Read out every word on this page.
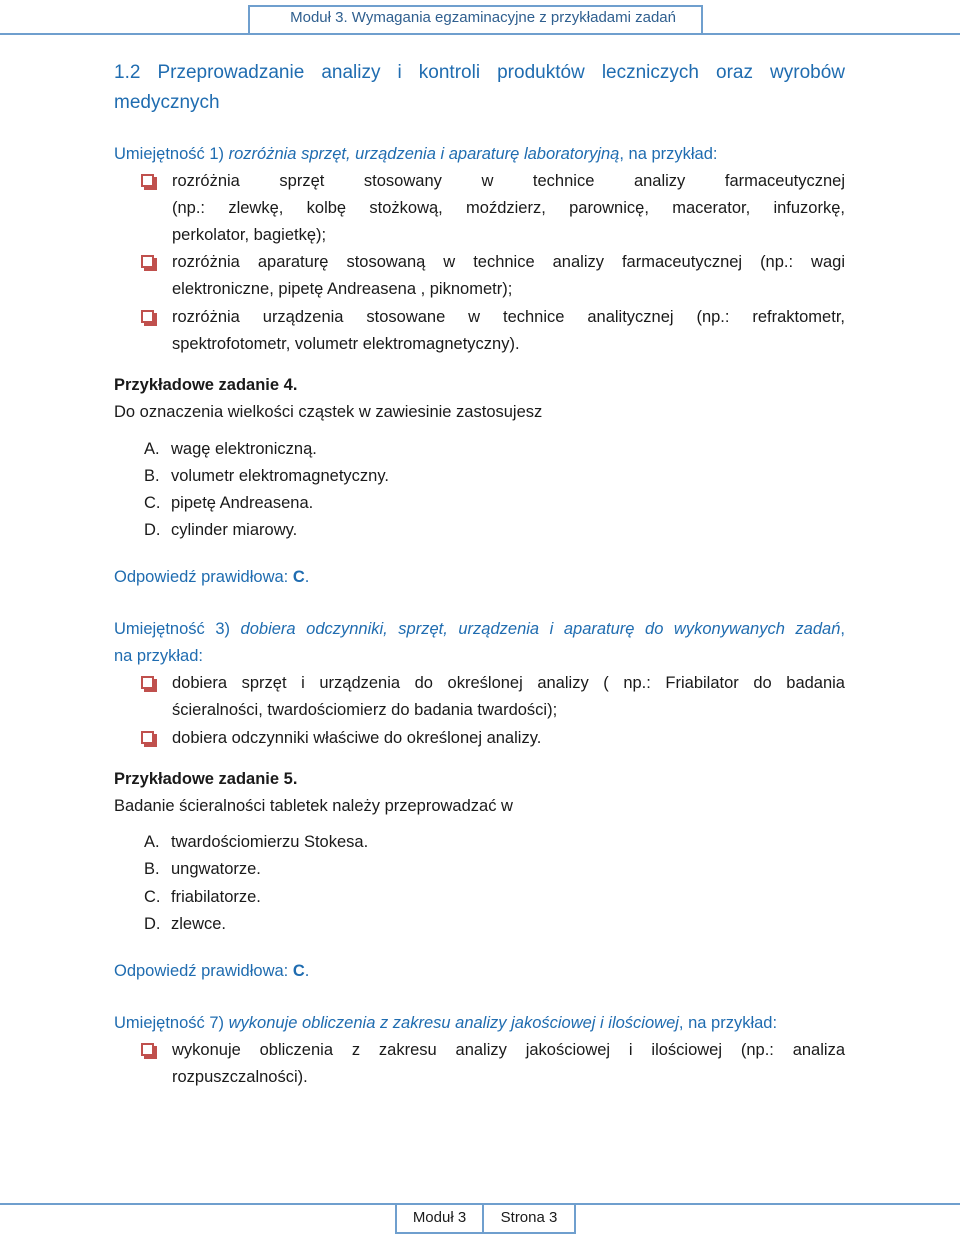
Moduł 3. Wymagania egzaminacyjne z przykładami zadań
1.2 Przeprowadzanie analizy i kontroli produktów leczniczych oraz wyrobów
medycznych
Umiejętność 1) rozróżnia sprzęt, urządzenia i aparaturę laboratoryjną, na przykład:
rozróżnia sprzęt stosowany w technice analizy farmaceutycznej
(np.: zlewkę, kolbę stożkową, moździerz, parownicę, macerator, infuzorkę,
perkolator, bagietkę);
rozróżnia aparaturę stosowaną w technice analizy farmaceutycznej (np.: wagi
elektroniczne, pipetę Andreasena , piknometr);
rozróżnia urządzenia stosowane w technice analitycznej (np.: refraktometr,
spektrofotometr, volumetr elektromagnetyczny).
Przykładowe zadanie 4.
Do oznaczenia wielkości cząstek w zawiesinie zastosujesz
A. wagę elektroniczną.
B. volumetr elektromagnetyczny.
C. pipetę Andreasena.
D. cylinder miarowy.
Odpowiedź prawidłowa: C.
Umiejętność 3) dobiera odczynniki, sprzęt, urządzenia i aparaturę do wykonywanych zadań,
na przykład:
dobiera sprzęt i urządzenia do określonej analizy ( np.: Friabilator do badania
ścieralności, twardościomierz do badania twardości);
dobiera odczynniki właściwe do określonej analizy.
Przykładowe zadanie 5.
Badanie ścieralności tabletek należy przeprowadzać w
A. twardościomierzu Stokesa.
B. ungwatorze.
C. friabilatorze.
D. zlewce.
Odpowiedź prawidłowa: C.
Umiejętność 7) wykonuje obliczenia z zakresu analizy jakościowej i ilościowej, na przykład:
wykonuje obliczenia z zakresu analizy jakościowej i ilościowej (np.: analiza
rozpuszczalności).
Moduł 3	Strona 3
